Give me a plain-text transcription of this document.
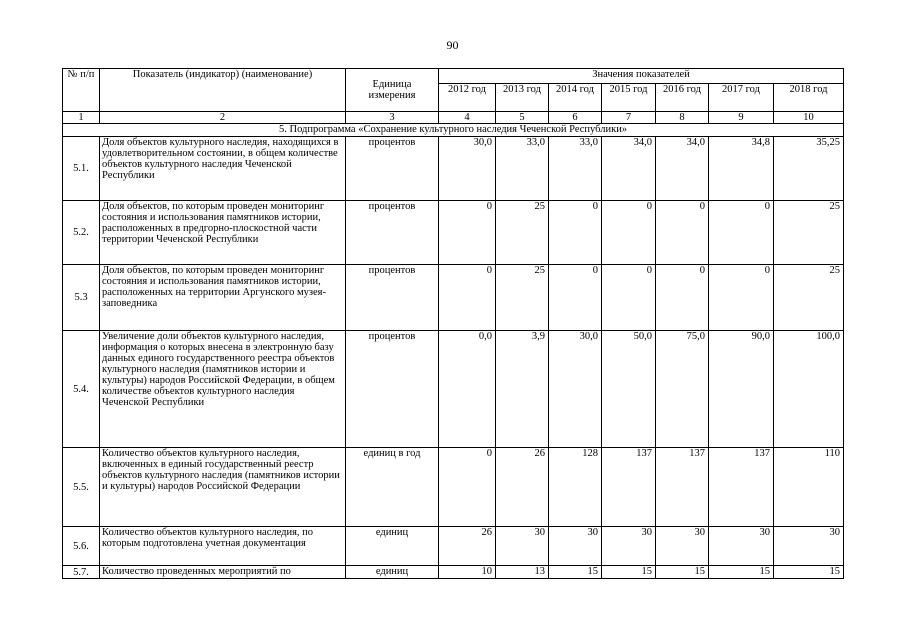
90
№ п/п	Показатель (индикатор) (наименование)	Единица измерения	Значения показателей						
			2012 год	2013 год	2014 год	2015 год	2016 год	2017 год	2018 год
1	2	3	4	5	6	7	8	9	10
5. Подпрограмма «Сохранение культурного наследия Чеченской Республики»									
5.1.	Доля объектов культурного наследия, находящихся в удовлетворительном состоянии, в общем количестве объектов культурного наследия Чеченской Республики	процентов	30,0	33,0	33,0	34,0	34,0	34,8	35,25
5.2.	Доля объектов, по которым проведен мониторинг состояния и использования памятников истории, расположенных в предгорно-плоскостной части территории Чеченской Республики	процентов	0	25	0	0	0	0	25
5.3	Доля объектов, по которым проведен мониторинг состояния и использования памятников истории, расположенных на территории Аргунского музея-заповедника	процентов	0	25	0	0	0	0	25
5.4.	Увеличение доли объектов культурного наследия, информация о которых внесена в электронную базу данных единого государственного реестра объектов культурного наследия (памятников истории и культуры) народов Российской Федерации, в общем количестве объектов культурного наследия Чеченской Республики	процентов	0,0	3,9	30,0	50,0	75,0	90,0	100,0
5.5.	Количество объектов культурного наследия, включенных в единый государственный реестр объектов культурного наследия (памятников истории и культуры) народов Российской Федерации	единиц в год	0	26	128	137	137	137	110
5.6.	Количество объектов культурного наследия, по которым подготовлена учетная документация	единиц	26	30	30	30	30	30	30
5.7.	Количество проведенных мероприятий по	единиц	10	13	15	15	15	15	15
